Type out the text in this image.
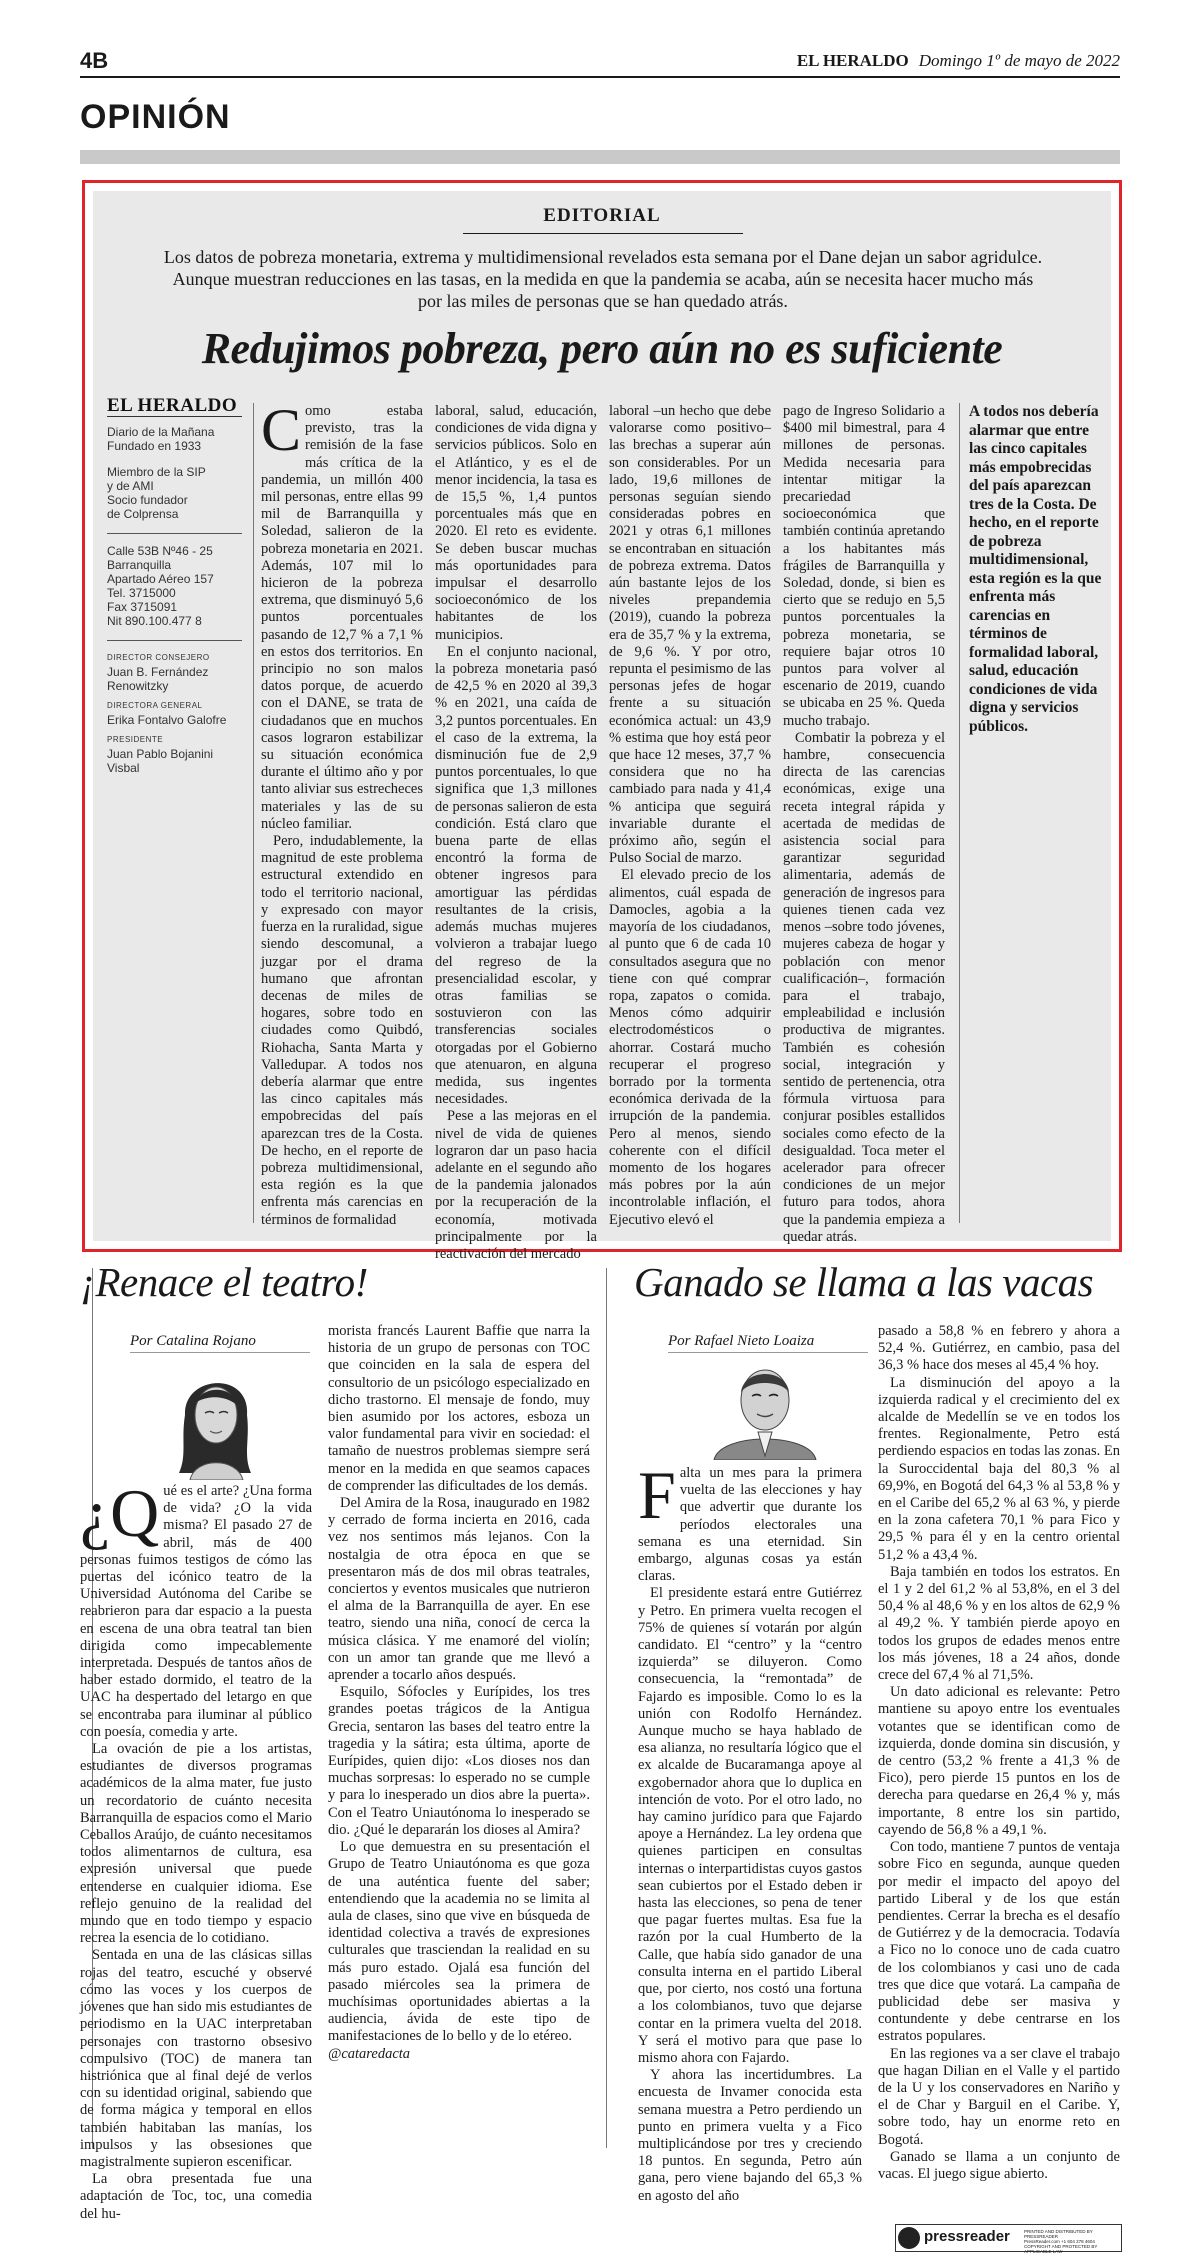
4B	EL HERALDO Domingo 1º de mayo de 2022
OPINIÓN
EDITORIAL
Los datos de pobreza monetaria, extrema y multidimensional revelados esta semana por el Dane dejan un sabor agridulce. Aunque muestran reducciones en las tasas, en la medida en que la pandemia se acaba, aún se necesita hacer mucho más por las miles de personas que se han quedado atrás.
Redujimos pobreza, pero aún no es suficiente
EL HERALDO
Diario de la Mañana
Fundado en 1933
Miembro de la SIP
y de AMI
Socio fundador
de Colprensa
Calle 53B Nº46 - 25
Barranquilla
Apartado Aéreo 157
Tel. 3715000
Fax 3715091
Nit 890.100.477 8
DIRECTOR CONSEJERO
Juan B. Fernández Renowitzky
DIRECTORA GENERAL
Erika Fontalvo Galofre
PRESIDENTE
Juan Pablo Bojanini Visbal

Como estaba previsto, tras la remisión de la fase más crítica de la pandemia, un millón 400 mil personas, entre ellas 99 mil de Barranquilla y Soledad, salieron de la pobreza monetaria en 2021. Además, 107 mil lo hicieron de la pobreza extrema, que disminuyó 5,6 puntos porcentuales pasando de 12,7 % a 7,1 % en estos dos territorios. En principio no son malos datos porque, de acuerdo con el DANE, se trata de ciudadanos que en muchos casos lograron estabilizar su situación económica durante el último año y por tanto aliviar sus estrecheces materiales y las de su núcleo familiar.

Pero, indudablemente, la magnitud de este problema estructural extendido en todo el territorio nacional, y expresado con mayor fuerza en la ruralidad, sigue siendo descomunal, a juzgar por el drama humano que afrontan decenas de miles de hogares, sobre todo en ciudades como Quibdó, Riohacha, Santa Marta y Valledupar. A todos nos debería alarmar que entre las cinco capitales más empobrecidas del país aparezcan tres de la Costa. De hecho, en el reporte de pobreza multidimensional, esta región es la que enfrenta más carencias en términos de formalidad

laboral, salud, educación, condiciones de vida digna y servicios públicos. Solo en el Atlántico, y es el de menor incidencia, la tasa es de 15,5 %, 1,4 puntos porcentuales más que en 2020. El reto es evidente. Se deben buscar muchas más oportunidades para impulsar el desarrollo socioeconómico de los habitantes de los municipios.

En el conjunto nacional, la pobreza monetaria pasó de 42,5 % en 2020 al 39,3 % en 2021, una caída de 3,2 puntos porcentuales. En el caso de la extrema, la disminución fue de 2,9 puntos porcentuales, lo que significa que 1,3 millones de personas salieron de esta condición. Está claro que buena parte de ellas encontró la forma de obtener ingresos para amortiguar las pérdidas resultantes de la crisis, además muchas mujeres volvieron a trabajar luego del regreso de la presencialidad escolar, y otras familias se sostuvieron con las transferencias sociales otorgadas por el Gobierno que atenuaron, en alguna medida, sus ingentes necesidades.

Pese a las mejoras en el nivel de vida de quienes lograron dar un paso hacia adelante en el segundo año de la pandemia jalonados por la recuperación de la economía, motivada principalmente por la reactivación del mercado

laboral –un hecho que debe valorarse como positivo– las brechas a superar aún son considerables. Por un lado, 19,6 millones de personas seguían siendo consideradas pobres en 2021 y otras 6,1 millones se encontraban en situación de pobreza extrema. Datos aún bastante lejos de los niveles prepandemia (2019), cuando la pobreza era de 35,7 % y la extrema, de 9,6 %. Y por otro, repunta el pesimismo de las personas jefes de hogar frente a su situación económica actual: un 43,9 % estima que hoy está peor que hace 12 meses, 37,7 % considera que no ha cambiado para nada y 41,4 % anticipa que seguirá invariable durante el próximo año, según el Pulso Social de marzo.

El elevado precio de los alimentos, cuál espada de Damocles, agobia a la mayoría de los ciudadanos, al punto que 6 de cada 10 consultados asegura que no tiene con qué comprar ropa, zapatos o comida. Menos cómo adquirir electrodomésticos o ahorrar. Costará mucho recuperar el progreso borrado por la tormenta económica derivada de la irrupción de la pandemia. Pero al menos, siendo coherente con el difícil momento de los hogares más pobres por la aún incontrolable inflación, el Ejecutivo elevó el

pago de Ingreso Solidario a $400 mil bimestral, para 4 millones de personas. Medida necesaria para intentar mitigar la precariedad socioeconómica que también continúa apretando a los habitantes más frágiles de Barranquilla y Soledad, donde, si bien es cierto que se redujo en 5,5 puntos porcentuales la pobreza monetaria, se requiere bajar otros 10 puntos para volver al escenario de 2019, cuando se ubicaba en 25 %. Queda mucho trabajo.

Combatir la pobreza y el hambre, consecuencia directa de las carencias económicas, exige una receta integral rápida y acertada de medidas de asistencia social para garantizar seguridad alimentaria, además de generación de ingresos para quienes tienen cada vez menos –sobre todo jóvenes, mujeres cabeza de hogar y población con menor cualificación–, formación para el trabajo, empleabilidad e inclusión productiva de migrantes. También es cohesión social, integración y sentido de pertenencia, otra fórmula virtuosa para conjurar posibles estallidos sociales como efecto de la desigualdad. Toca meter el acelerador para ofrecer condiciones de un mejor futuro para todos, ahora que la pandemia empieza a quedar atrás.

A todos nos debería alarmar que entre las cinco capitales más empobrecidas del país aparezcan tres de la Costa. De hecho, en el reporte de pobreza multidimensional, esta región es la que enfrenta más carencias en términos de formalidad laboral, salud, educación condiciones de vida digna y servicios públicos.
¡Renace el teatro!
Por Catalina Rojano

¿Q ué es el arte? ¿Una forma de vida? ¿O la vida misma? El pasado 27 de abril, más de 400 personas fuimos testigos de cómo las puertas del icónico teatro de la Universidad Autónoma del Caribe se reabrieron para dar espacio a la puesta en escena de una obra teatral tan bien dirigida como impecablemente interpretada. Después de tantos años de haber estado dormido, el teatro de la UAC ha despertado del letargo en que se encontraba para iluminar al público con poesía, comedia y arte.

La ovación de pie a los artistas, estudiantes de diversos programas académicos de la alma mater, fue justo un recordatorio de cuánto necesita Barranquilla de espacios como el Mario Ceballos Araújo, de cuánto necesitamos todos alimentarnos de cultura, esa expresión universal que puede entenderse en cualquier idioma. Ese reflejo genuino de la realidad del mundo que en todo tiempo y espacio recrea la esencia de lo cotidiano.

Sentada en una de las clásicas sillas rojas del teatro, escuché y observé cómo las voces y los cuerpos de jóvenes que han sido mis estudiantes de periodismo en la UAC interpretaban personajes con trastorno obsesivo compulsivo (TOC) de manera tan histriónica que al final dejé de verlos con su identidad original, sabiendo que de forma mágica y temporal en ellos también habitaban las manías, los impulsos y las obsesiones que magistralmente supieron escenificar.

La obra presentada fue una adaptación de Toc, toc, una comedia del hu-

morista francés Laurent Baffie que narra la historia de un grupo de personas con TOC que coinciden en la sala de espera del consultorio de un psicólogo especializado en dicho trastorno. El mensaje de fondo, muy bien asumido por los actores, esboza un valor fundamental para vivir en sociedad: el tamaño de nuestros problemas siempre será menor en la medida en que seamos capaces de comprender las dificultades de los demás.

Del Amira de la Rosa, inaugurado en 1982 y cerrado de forma incierta en 2016, cada vez nos sentimos más lejanos. Con la nostalgia de otra época en que se presentaron más de dos mil obras teatrales, conciertos y eventos musicales que nutrieron el alma de la Barranquilla de ayer. En ese teatro, siendo una niña, conocí de cerca la música clásica. Y me enamoré del violín; con un amor tan grande que me llevó a aprender a tocarlo años después.

Esquilo, Sófocles y Eurípides, los tres grandes poetas trágicos de la Antigua Grecia, sentaron las bases del teatro entre la tragedia y la sátira; esta última, aporte de Eurípides, quien dijo: «Los dioses nos dan muchas sorpresas: lo esperado no se cumple y para lo inesperado un dios abre la puerta». Con el Teatro Uniautónoma lo inesperado se dio. ¿Qué le depararán los dioses al Amira?

Lo que demuestra en su presentación el Grupo de Teatro Uniautónoma es que goza de una auténtica fuente del saber; entendiendo que la academia no se limita al aula de clases, sino que vive en búsqueda de identidad colectiva a través de expresiones culturales que trasciendan la realidad en su más puro estado. Ojalá esa función del pasado miércoles sea la primera de muchísimas oportunidades abiertas a la audiencia, ávida de este tipo de manifestaciones de lo bello y de lo etéreo.

@cataredacta
Ganado se llama a las vacas
Por Rafael Nieto Loaiza

Falta un mes para la primera vuelta de las elecciones y hay que advertir que durante los períodos electorales una semana es una eternidad. Sin embargo, algunas cosas ya están claras.

El presidente estará entre Gutiérrez y Petro. En primera vuelta recogen el 75% de quienes sí votarán por algún candidato. El “centro” y la “centro izquierda” se diluyeron. Como consecuencia, la “remontada” de Fajardo es imposible. Como lo es la unión con Rodolfo Hernández. Aunque mucho se haya hablado de esa alianza, no resultaría lógico que el ex alcalde de Bucaramanga apoye al exgobernador ahora que lo duplica en intención de voto. Por el otro lado, no hay camino jurídico para que Fajardo apoye a Hernández. La ley ordena que quienes participen en consultas internas o interpartidistas cuyos gastos sean cubiertos por el Estado deben ir hasta las elecciones, so pena de tener que pagar fuertes multas. Esa fue la razón por la cual Humberto de la Calle, que había sido ganador de una consulta interna en el partido Liberal que, por cierto, nos costó una fortuna a los colombianos, tuvo que dejarse contar en la primera vuelta del 2018. Y será el motivo para que pase lo mismo ahora con Fajardo.

Y ahora las incertidumbres. La encuesta de Invamer conocida esta semana muestra a Petro perdiendo un punto en primera vuelta y a Fico multiplicándose por tres y creciendo 18 puntos. En segunda, Petro aún gana, pero viene bajando del 65,3 % en agosto del año

pasado a 58,8 % en febrero y ahora a 52,4 %. Gutiérrez, en cambio, pasa del 36,3 % hace dos meses al 45,4 % hoy.

La disminución del apoyo a la izquierda radical y el crecimiento del ex alcalde de Medellín se ve en todos los frentes. Regionalmente, Petro está perdiendo espacios en todas las zonas. En la Suroccidental baja del 80,3 % al 69,9%, en Bogotá del 64,3 % al 53,8 % y en el Caribe del 65,2 % al 63 %, y pierde en la zona cafetera 70,1 % para Fico y 29,5 % para él y en la centro oriental 51,2 % a 43,4 %.

Baja también en todos los estratos. En el 1 y 2 del 61,2 % al 53,8%, en el 3 del 50,4 % al 48,6 % y en los altos de 62,9 % al 49,2 %. Y también pierde apoyo en todos los grupos de edades menos entre los más jóvenes, 18 a 24 años, donde crece del 67,4 % al 71,5%.

Un dato adicional es relevante: Petro mantiene su apoyo entre los eventuales votantes que se identifican como de izquierda, donde domina sin discusión, y de centro (53,2 % frente a 41,3 % de Fico), pero pierde 15 puntos en los de derecha para quedarse en 26,4 % y, más importante, 8 entre los sin partido, cayendo de 56,8 % a 49,1 %.

Con todo, mantiene 7 puntos de ventaja sobre Fico en segunda, aunque queden por medir el impacto del apoyo del partido Liberal y de los que están pendientes. Cerrar la brecha es el desafío de Gutiérrez y de la democracia. Todavía a Fico no lo conoce uno de cada cuatro de los colombianos y casi uno de cada tres que dice que votará. La campaña de publicidad debe ser masiva y contundente y debe centrarse en los estratos populares.

En las regiones va a ser clave el trabajo que hagan Dilian en el Valle y el partido de la U y los conservadores en Nariño y el de Char y Barguil en el Caribe. Y, sobre todo, hay un enorme reto en Bogotá.

Ganado se llama a un conjunto de vacas. El juego sigue abierto.

pressreader	PRINTED AND DISTRIBUTED BY PRESSREADER
PressReader.com +1 604 278 4604
COPYRIGHT AND PROTECTED BY APPLICABLE LAW
